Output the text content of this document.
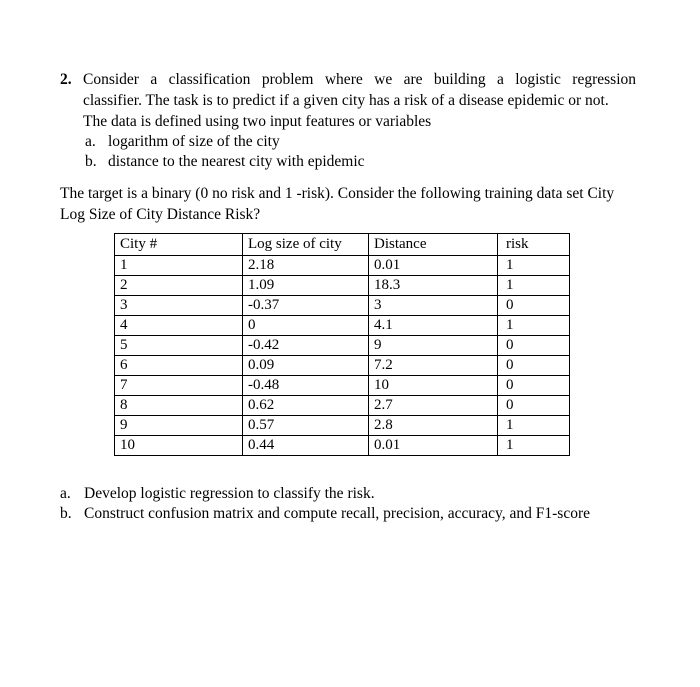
2. Consider a classification problem where we are building a logistic regression
classifier. The task is to predict if a given city has a risk of a disease epidemic or not.
The data is defined using two input features or variables
a. logarithm of size of the city
b. distance to the nearest city with epidemic
The target is a binary (0 no risk and 1 -risk). Consider the following training data set City
Log Size of City Distance Risk?
City #	Log size of city	Distance	risk
1	2.18	0.01	1
2	1.09	18.3	1
3	-0.37	3	0
4	0	4.1	1
5	-0.42	9	0
6	0.09	7.2	0
7	-0.48	10	0
8	0.62	2.7	0
9	0.57	2.8	1
10	0.44	0.01	1
a. Develop logistic regression to classify the risk.
b. Construct confusion matrix and compute recall, precision, accuracy, and F1-score
